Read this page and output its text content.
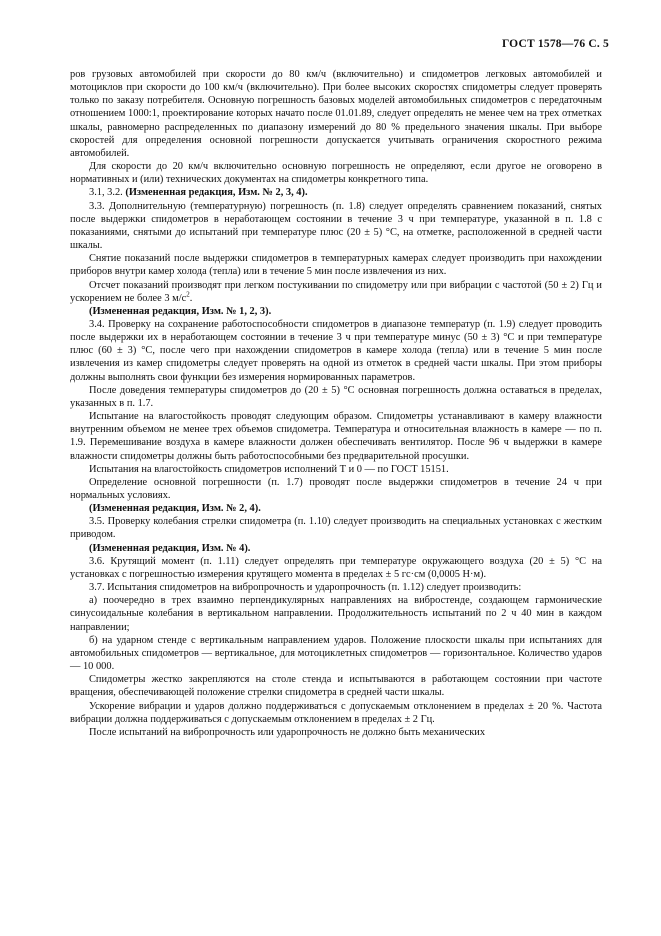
ГОСТ 1578—76 С. 5

ров грузовых автомобилей при скорости до 80 км/ч (включительно) и спидометров легковых автомобилей и мотоциклов при скорости до 100 км/ч (включительно). При более высоких скоростях спидометры следует проверять только по заказу потребителя. Основную погрешность базовых моделей автомобильных спидометров с передаточным отношением 1000:1, проектирование которых начато после 01.01.89, следует определять не менее чем на трех отметках шкалы, равномерно распределенных по диапазону измерений до 80 % предельного значения шкалы. При выборе скоростей для определения основной погрешности допускается учитывать ограничения скоростного режима автомобилей.

Для скорости до 20 км/ч включительно основную погрешность не определяют, если другое не оговорено в нормативных и (или) технических документах на спидометры конкретного типа.

3.1, 3.2. (Измененная редакция, Изм. № 2, 3, 4).

3.3. Дополнительную (температурную) погрешность (п. 1.8) следует определять сравнением показаний, снятых после выдержки спидометров в неработающем состоянии в течение 3 ч при температуре, указанной в п. 1.8 с показаниями, снятыми до испытаний при температуре плюс (20 ± 5) °С, на отметке, расположенной в средней части шкалы.

Снятие показаний после выдержки спидометров в температурных камерах следует производить при нахождении приборов внутри камер холода (тепла) или в течение 5 мин после извлечения из них.

Отсчет показаний производят при легком постукивании по спидометру или при вибрации с частотой (50 ± 2) Гц и ускорением не более 3 $м/с^2$.

(Измененная редакция, Изм. № 1, 2, 3).

3.4. Проверку на сохранение работоспособности спидометров в диапазоне температур (п. 1.9) следует проводить после выдержки их в неработающем состоянии в течение 3 ч при температуре минус (50 ± 3) °С и при температуре плюс (60 ± 3) °С, после чего при нахождении спидометров в камере холода (тепла) или в течение 5 мин после извлечения из камер спидометры следует проверять на одной из отметок в средней части шкалы. При этом приборы должны выполнять свои функции без измерения нормированных параметров.

После доведения температуры спидометров до (20 ± 5) °С основная погрешность должна оставаться в пределах, указанных в п. 1.7.

Испытание на влагостойкость проводят следующим образом. Спидометры устанавливают в камеру влажности внутренним объемом не менее трех объемов спидометра. Температура и относительная влажность в камере — по п. 1.9. Перемешивание воздуха в камере влажности должен обеспечивать вентилятор. После 96 ч выдержки в камере влажности спидометры должны быть работоспособными без предварительной просушки.

Испытания на влагостойкость спидометров исполнений Т и 0 — по ГОСТ 15151.

Определение основной погрешности (п. 1.7) проводят после выдержки спидометров в течение 24 ч при нормальных условиях.

(Измененная редакция, Изм. № 2, 4).

3.5. Проверку колебания стрелки спидометра (п. 1.10) следует производить на специальных установках с жестким приводом.

(Измененная редакция, Изм. № 4).

3.6. Крутящий момент (п. 1.11) следует определять при температуре окружающего воздуха (20 ± 5) °С на установках с погрешностью измерения крутящего момента в пределах ± 5 гс·см (0,0005 Н·м).

3.7. Испытания спидометров на вибропрочность и ударопрочность (п. 1.12) следует производить:

а) поочередно в трех взаимно перпендикулярных направлениях на вибростенде, создающем гармонические синусоидальные колебания в вертикальном направлении. Продолжительность испытаний по 2 ч 40 мин в каждом направлении;

б) на ударном стенде с вертикальным направлением ударов. Положение плоскости шкалы при испытаниях для автомобильных спидометров — вертикальное, для мотоциклетных спидометров — горизонтальное. Количество ударов — 10 000.

Спидометры жестко закрепляются на столе стенда и испытываются в работающем состоянии при частоте вращения, обеспечивающей положение стрелки спидометра в средней части шкалы.

Ускорение вибрации и ударов должно поддерживаться с допускаемым отклонением в пределах ± 20 %. Частота вибрации должна поддерживаться с допускаемым отклонением в пределах ± 2 Гц.

После испытаний на вибропрочность или ударопрочность не должно быть механических
